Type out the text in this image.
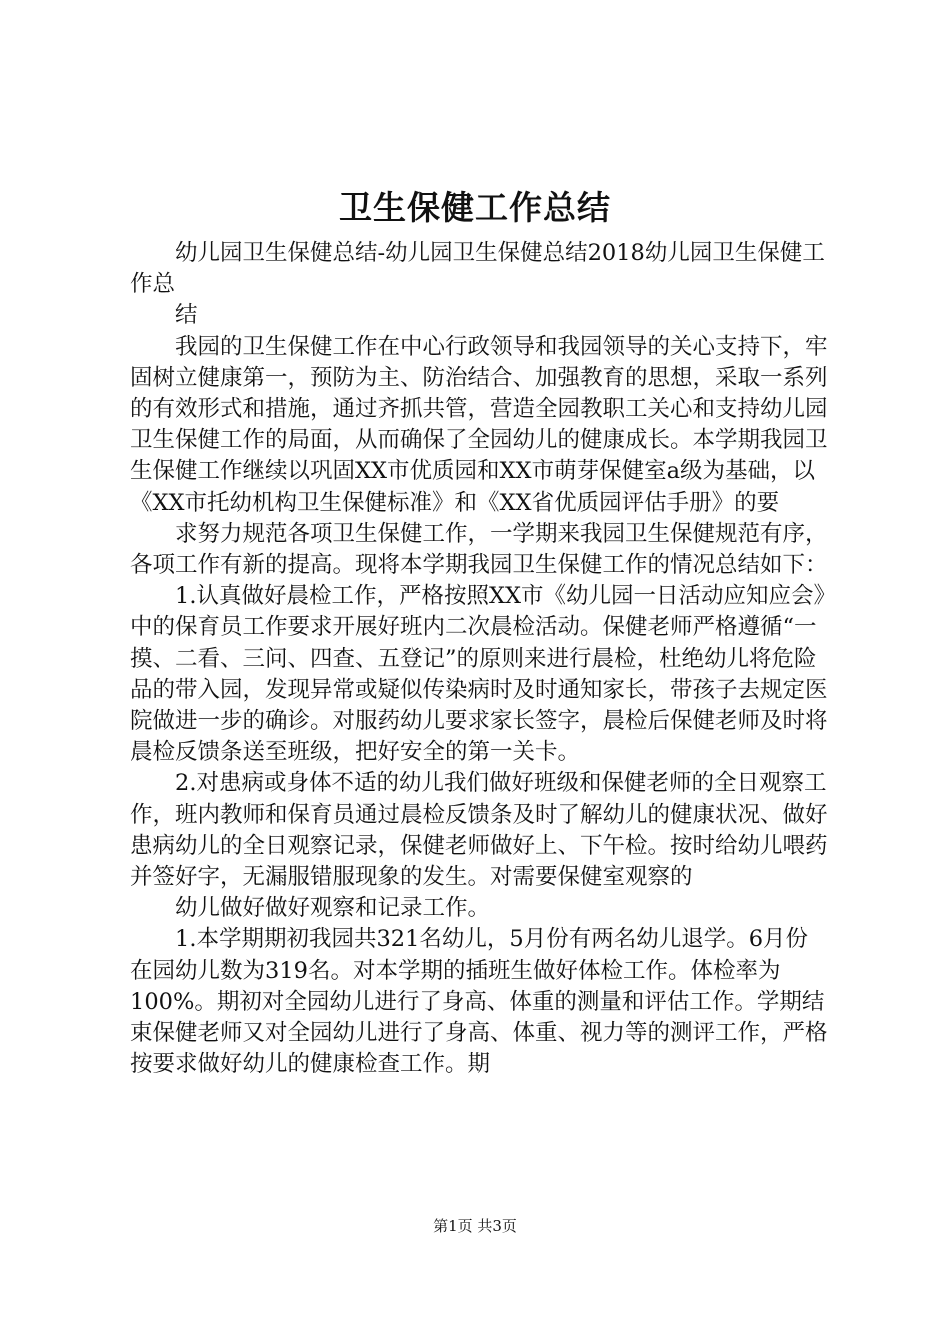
卫生保健工作总结

幼儿园卫生保健总结-幼儿园卫生保健总结2018幼儿园卫生保健工作总

结

我园的卫生保健工作在中心行政领导和我园领导的关心支持下，牢固树立健康第一，预防为主、防治结合、加强教育的思想，采取一系列的有效形式和措施，通过齐抓共管，营造全园教职工关心和支持幼儿园卫生保健工作的局面，从而确保了全园幼儿的健康成长。本学期我园卫生保健工作继续以巩固XX市优质园和XX市萌芽保健室a级为基础，以《XX市托幼机构卫生保健标准》和《XX省优质园评估手册》的要

求努力规范各项卫生保健工作，一学期来我园卫生保健规范有序，各项工作有新的提高。现将本学期我园卫生保健工作的情况总结如下：

1.认真做好晨检工作，严格按照XX市《幼儿园一日活动应知应会》中的保育员工作要求开展好班内二次晨检活动。保健老师严格遵循“一摸、二看、三问、四查、五登记”的原则来进行晨检，杜绝幼儿将危险品的带入园，发现异常或疑似传染病时及时通知家长，带孩子去规定医院做进一步的确诊。对服药幼儿要求家长签字，晨检后保健老师及时将晨检反馈条送至班级，把好安全的第一关卡。

2.对患病或身体不适的幼儿我们做好班级和保健老师的全日观察工作，班内教师和保育员通过晨检反馈条及时了解幼儿的健康状况、做好患病幼儿的全日观察记录，保健老师做好上、下午检。按时给幼儿喂药并签好字，无漏服错服现象的发生。对需要保健室观察的

幼儿做好做好观察和记录工作。

1.本学期期初我园共321名幼儿，5月份有两名幼儿退学。6月份在园幼儿数为319名。对本学期的插班生做好体检工作。体检率为100%。期初对全园幼儿进行了身高、体重的测量和评估工作。学期结束保健老师又对全园幼儿进行了身高、体重、视力等的测评工作，严格按要求做好幼儿的健康检查工作。期

第1页 共3页
